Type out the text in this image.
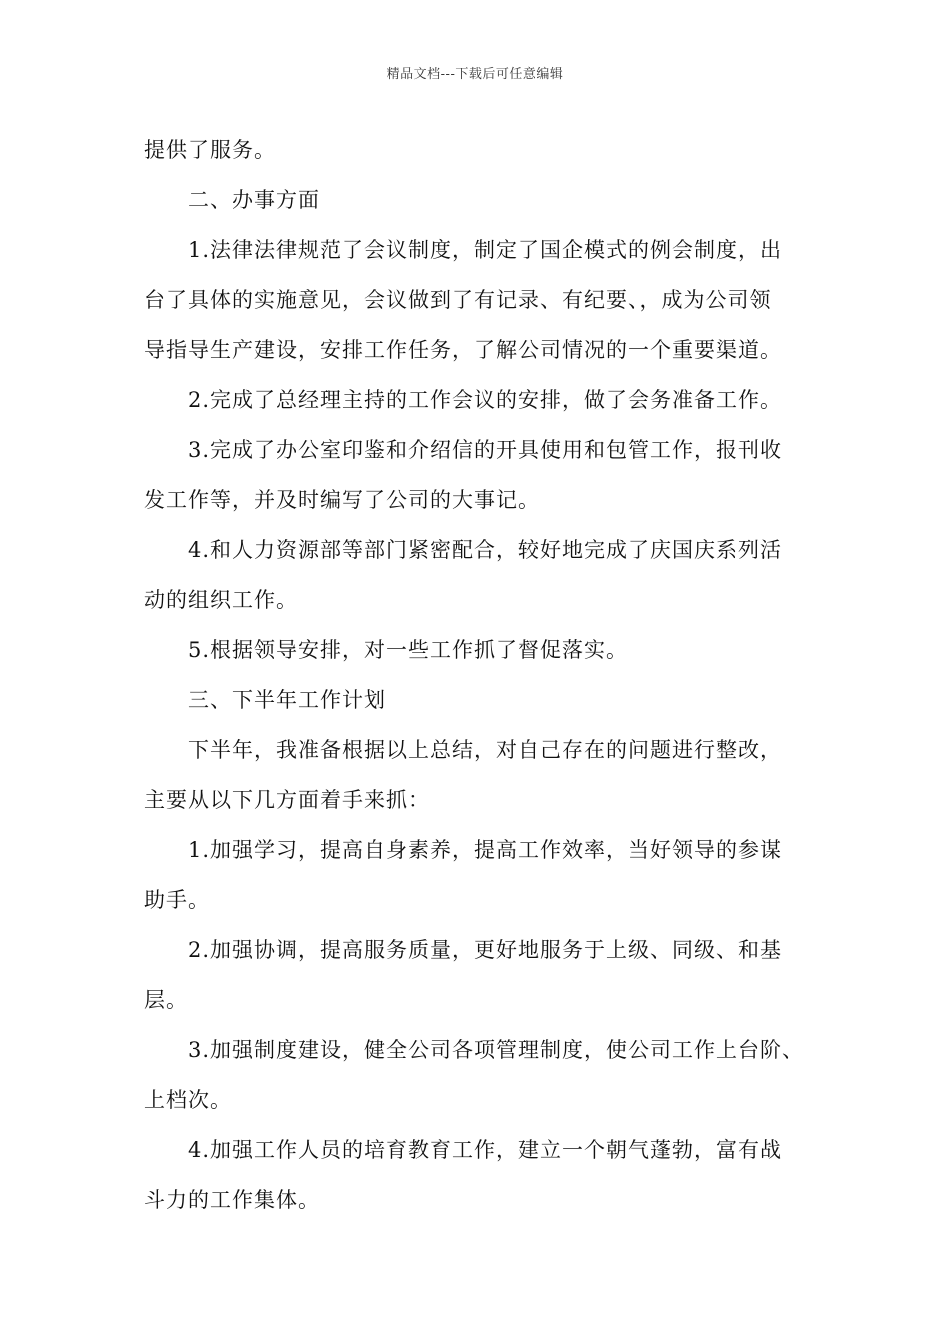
精品文档---下载后可任意编辑
提供了服务。
二、办事方面
1.法律法律规范了会议制度，制定了国企模式的例会制度，出
台了具体的实施意见，会议做到了有记录、有纪要、，成为公司领
导指导生产建设，安排工作任务，了解公司情况的一个重要渠道。
2.完成了总经理主持的工作会议的安排，做了会务准备工作。
3.完成了办公室印鉴和介绍信的开具使用和包管工作，报刊收
发工作等，并及时编写了公司的大事记。
4.和人力资源部等部门紧密配合，较好地完成了庆国庆系列活
动的组织工作。
5.根据领导安排，对一些工作抓了督促落实。
三、下半年工作计划
下半年，我准备根据以上总结，对自己存在的问题进行整改，
主要从以下几方面着手来抓：
1.加强学习，提高自身素养，提高工作效率，当好领导的参谋
助手。
2.加强协调，提高服务质量，更好地服务于上级、同级、和基
层。
3.加强制度建设，健全公司各项管理制度，使公司工作上台阶、
上档次。
4.加强工作人员的培育教育工作，建立一个朝气蓬勃，富有战
斗力的工作集体。
